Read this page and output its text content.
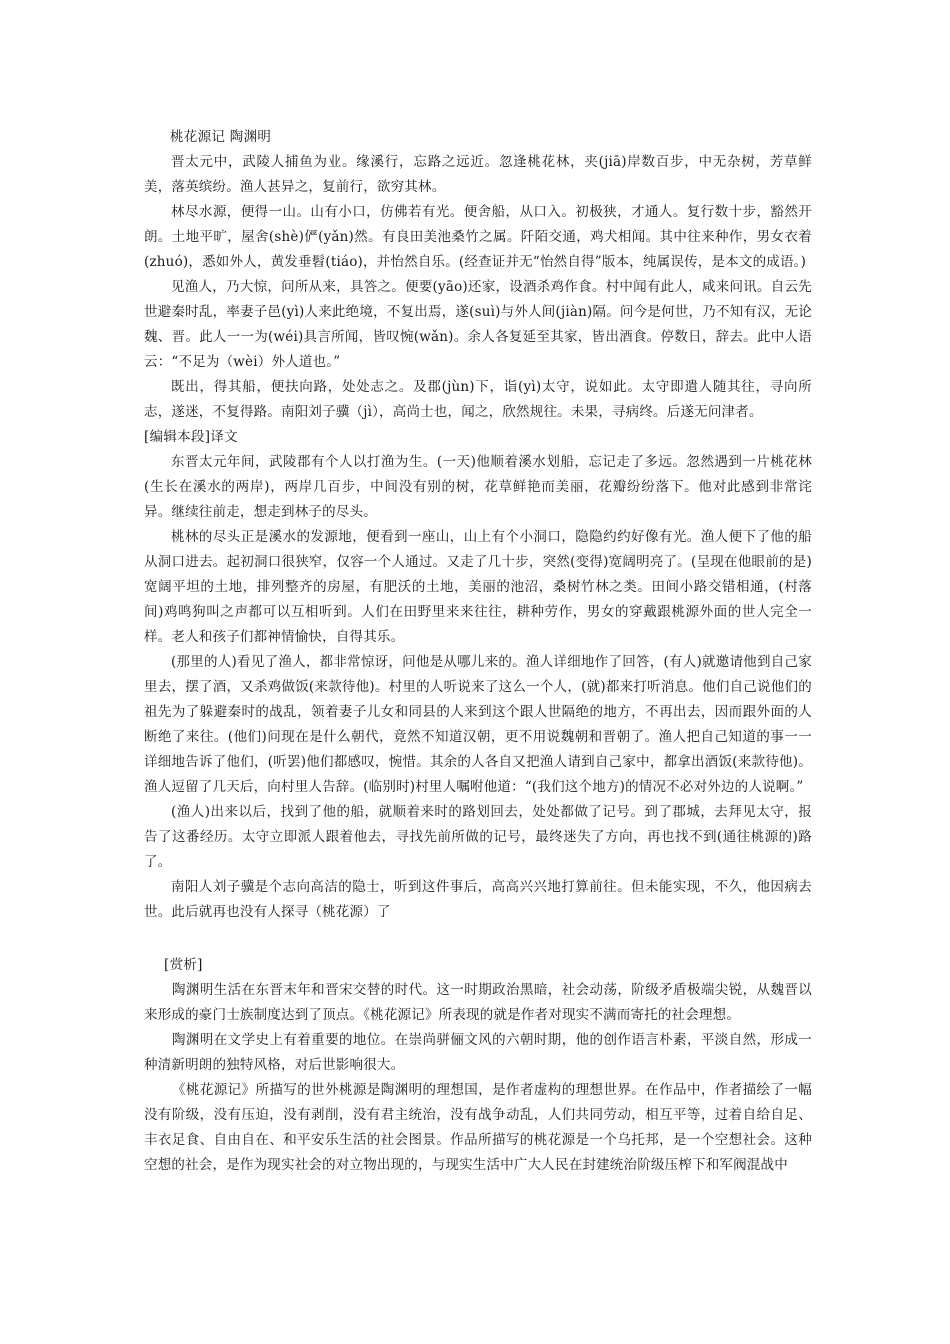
桃花源记 陶渊明

晋太元中，武陵人捕鱼为业。缘溪行，忘路之远近。忽逢桃花林，夹(jiā)岸数百步，中无杂树，芳草鲜美，落英缤纷。渔人甚异之，复前行，欲穷其林。

林尽水源，便得一山。山有小口，仿佛若有光。便舍船，从口入。初极狭，才通人。复行数十步，豁然开朗。土地平旷，屋舍(shè)俨(yǎn)然。有良田美池桑竹之属。阡陌交通，鸡犬相闻。其中往来种作，男女衣着(zhuó)，悉如外人，黄发垂髫(tiáo)，并怡然自乐。(经查证并无“怡然自得”版本，纯属误传，是本文的成语。)

见渔人，乃大惊，问所从来，具答之。便要(yāo)还家，设酒杀鸡作食。村中闻有此人，咸来问讯。自云先世避秦时乱，率妻子邑(yì)人来此绝境，不复出焉，遂(suì)与外人间(jiàn)隔。问今是何世，乃不知有汉，无论魏、晋。此人一一为(wéi)具言所闻，皆叹惋(wǎn)。余人各复延至其家，皆出酒食。停数日，辞去。此中人语云：“不足为（wèi）外人道也。”

既出，得其船，便扶向路，处处志之。及郡(jùn)下，诣(yì)太守，说如此。太守即遣人随其往，寻向所志，遂迷，不复得路。南阳刘子骥（jì），高尚士也，闻之，欣然规往。未果，寻病终。后遂无问津者。

[编辑本段]译文

东晋太元年间，武陵郡有个人以打渔为生。(一天)他顺着溪水划船，忘记走了多远。忽然遇到一片桃花林(生长在溪水的两岸)，两岸几百步，中间没有别的树，花草鲜艳而美丽，花瓣纷纷落下。他对此感到非常诧异。继续往前走，想走到林子的尽头。

桃林的尽头正是溪水的发源地，便看到一座山，山上有个小洞口，隐隐约约好像有光。渔人便下了他的船从洞口进去。起初洞口很狭窄，仅容一个人通过。又走了几十步，突然(变得)宽阔明亮了。(呈现在他眼前的是)宽阔平坦的土地，排列整齐的房屋，有肥沃的土地，美丽的池沼，桑树竹林之类。田间小路交错相通，(村落间)鸡鸣狗叫之声都可以互相听到。人们在田野里来来往往，耕种劳作，男女的穿戴跟桃源外面的世人完全一样。老人和孩子们都神情愉快，自得其乐。

(那里的人)看见了渔人，都非常惊讶，问他是从哪儿来的。渔人详细地作了回答，(有人)就邀请他到自己家里去，摆了酒，又杀鸡做饭(来款待他)。村里的人听说来了这么一个人，(就)都来打听消息。他们自己说他们的祖先为了躲避秦时的战乱，领着妻子儿女和同县的人来到这个跟人世隔绝的地方，不再出去，因而跟外面的人断绝了来往。(他们)问现在是什么朝代，竟然不知道汉朝，更不用说魏朝和晋朝了。渔人把自己知道的事一一详细地告诉了他们，(听罢)他们都感叹，惋惜。其余的人各自又把渔人请到自己家中，都拿出酒饭(来款待他)。渔人逗留了几天后，向村里人告辞。(临别时)村里人嘱咐他道：“(我们这个地方)的情况不必对外边的人说啊。”

(渔人)出来以后，找到了他的船，就顺着来时的路划回去，处处都做了记号。到了郡城，去拜见太守，报告了这番经历。太守立即派人跟着他去，寻找先前所做的记号，最终迷失了方向，再也找不到(通往桃源的)路了。

南阳人刘子骥是个志向高洁的隐士，听到这件事后，高高兴兴地打算前往。但未能实现，不久，他因病去世。此后就再也没有人探寻（桃花源）了

[赏析]

陶渊明生活在东晋末年和晋宋交替的时代。这一时期政治黑暗，社会动荡，阶级矛盾极端尖锐，从魏晋以来形成的豪门士族制度达到了顶点。《桃花源记》所表现的就是作者对现实不满而寄托的社会理想。

陶渊明在文学史上有着重要的地位。在崇尚骈俪文风的六朝时期，他的创作语言朴素，平淡自然，形成一种清新明朗的独特风格，对后世影响很大。

《桃花源记》所描写的世外桃源是陶渊明的理想国，是作者虚构的理想世界。在作品中，作者描绘了一幅没有阶级，没有压迫，没有剥削，没有君主统治，没有战争动乱，人们共同劳动，相互平等，过着自给自足、丰衣足食、自由自在、和平安乐生活的社会图景。作品所描写的桃花源是一个乌托邦，是一个空想社会。这种空想的社会，是作为现实社会的对立物出现的，与现实生活中广大人民在封建统治阶级压榨下和军阀混战中
